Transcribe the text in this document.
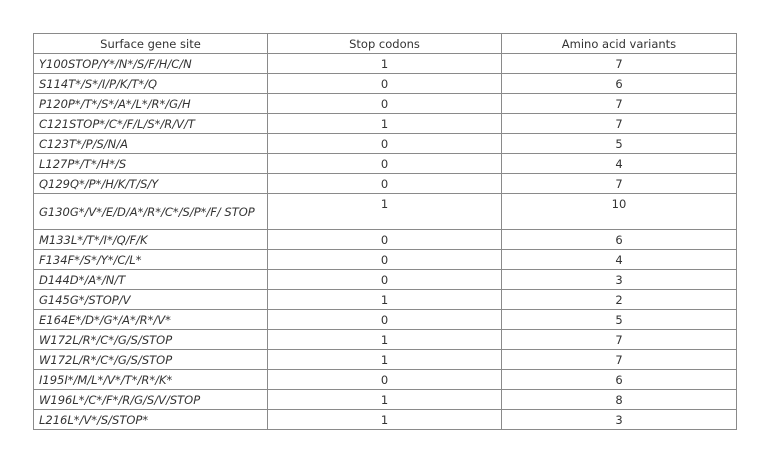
Surface gene site	Stop codons	Amino acid variants
Y100STOP/Y*/N*/S/F/H/C/N	1	7
S114T*/S*/I/P/K/T*/Q	0	6
P120P*/T*/S*/A*/L*/R*/G/H	0	7
C121STOP*/C*/F/L/S*/R/V/T	1	7
C123T*/P/S/N/A	0	5
L127P*/T*/H*/S	0	4
Q129Q*/P*/H/K/T/S/Y	0	7
G130G*/V*/E/D/A*/R*/C*/S/P*/F/ STOP	1	10
M133L*/T*/I*/Q/F/K	0	6
F134F*/S*/Y*/C/L*	0	4
D144D*/A*/N/T	0	3
G145G*/STOP/V	1	2
E164E*/D*/G*/A*/R*/V*	0	5
W172L/R*/C*/G/S/STOP	1	7
W172L/R*/C*/G/S/STOP	1	7
I195I*/M/L*/V*/T*/R*/K*	0	6
W196L*/C*/F*/R/G/S/V/STOP	1	8
L216L*/V*/S/STOP*	1	3
